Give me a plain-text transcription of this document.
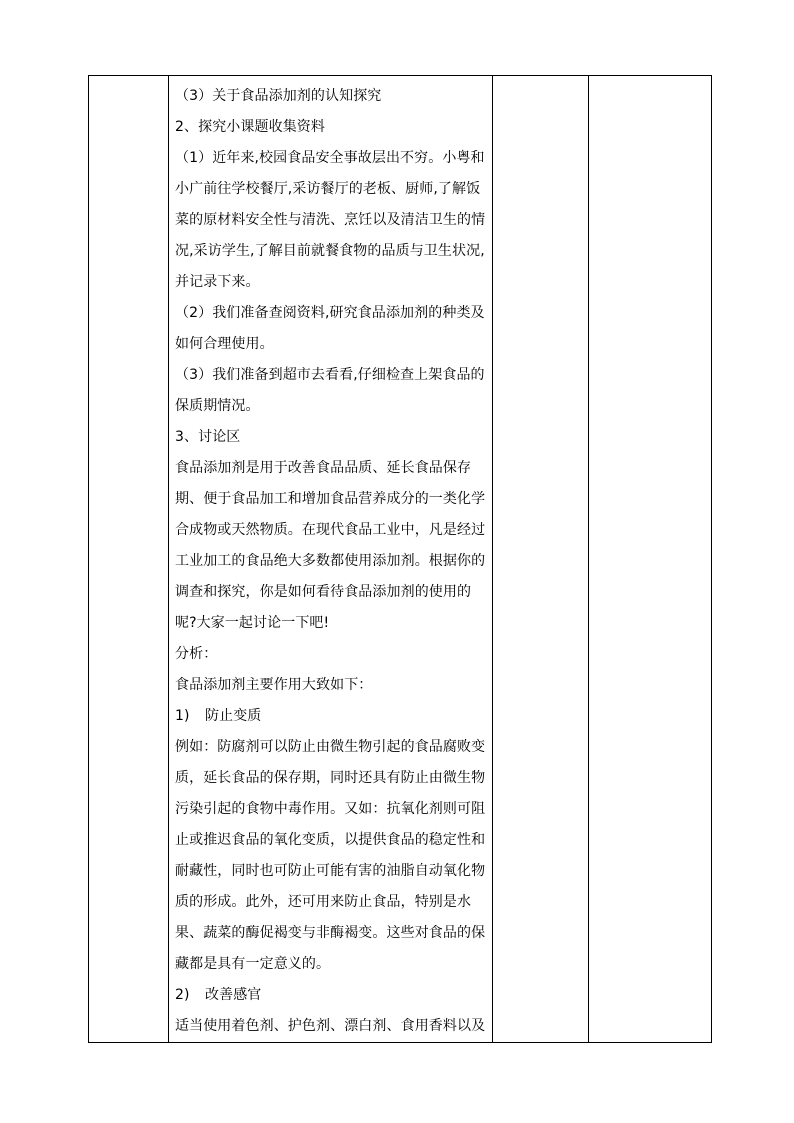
（3）关于食品添加剂的认知探究

2、探究小课题收集资料

（1）近年来,校园食品安全事故层出不穷。小粤和小广前往学校餐厅,采访餐厅的老板、厨师,了解饭菜的原材料安全性与清洗、烹饪以及清洁卫生的情况,采访学生,了解目前就餐食物的品质与卫生状况,并记录下来。

（2）我们准备查阅资料,研究食品添加剂的种类及如何合理使用。

（3）我们准备到超市去看看,仔细检查上架食品的保质期情况。

3、讨论区

食品添加剂是用于改善食品品质、延长食品保存期、便于食品加工和增加食品营养成分的一类化学合成物或天然物质。在现代食品工业中，凡是经过工业加工的食品绝大多数都使用添加剂。根据你的调查和探究，你是如何看待食品添加剂的使用的呢?大家一起讨论一下吧!

分析：

食品添加剂主要作用大致如下：

1) 防止变质

例如：防腐剂可以防止由微生物引起的食品腐败变质，延长食品的保存期，同时还具有防止由微生物污染引起的食物中毒作用。又如：抗氧化剂则可阻止或推迟食品的氧化变质，以提供食品的稳定性和耐藏性，同时也可防止可能有害的油脂自动氧化物质的形成。此外，还可用来防止食品，特别是水果、蔬菜的酶促褐变与非酶褐变。这些对食品的保藏都是具有一定意义的。

2) 改善感官

适当使用着色剂、护色剂、漂白剂、食用香料以及
